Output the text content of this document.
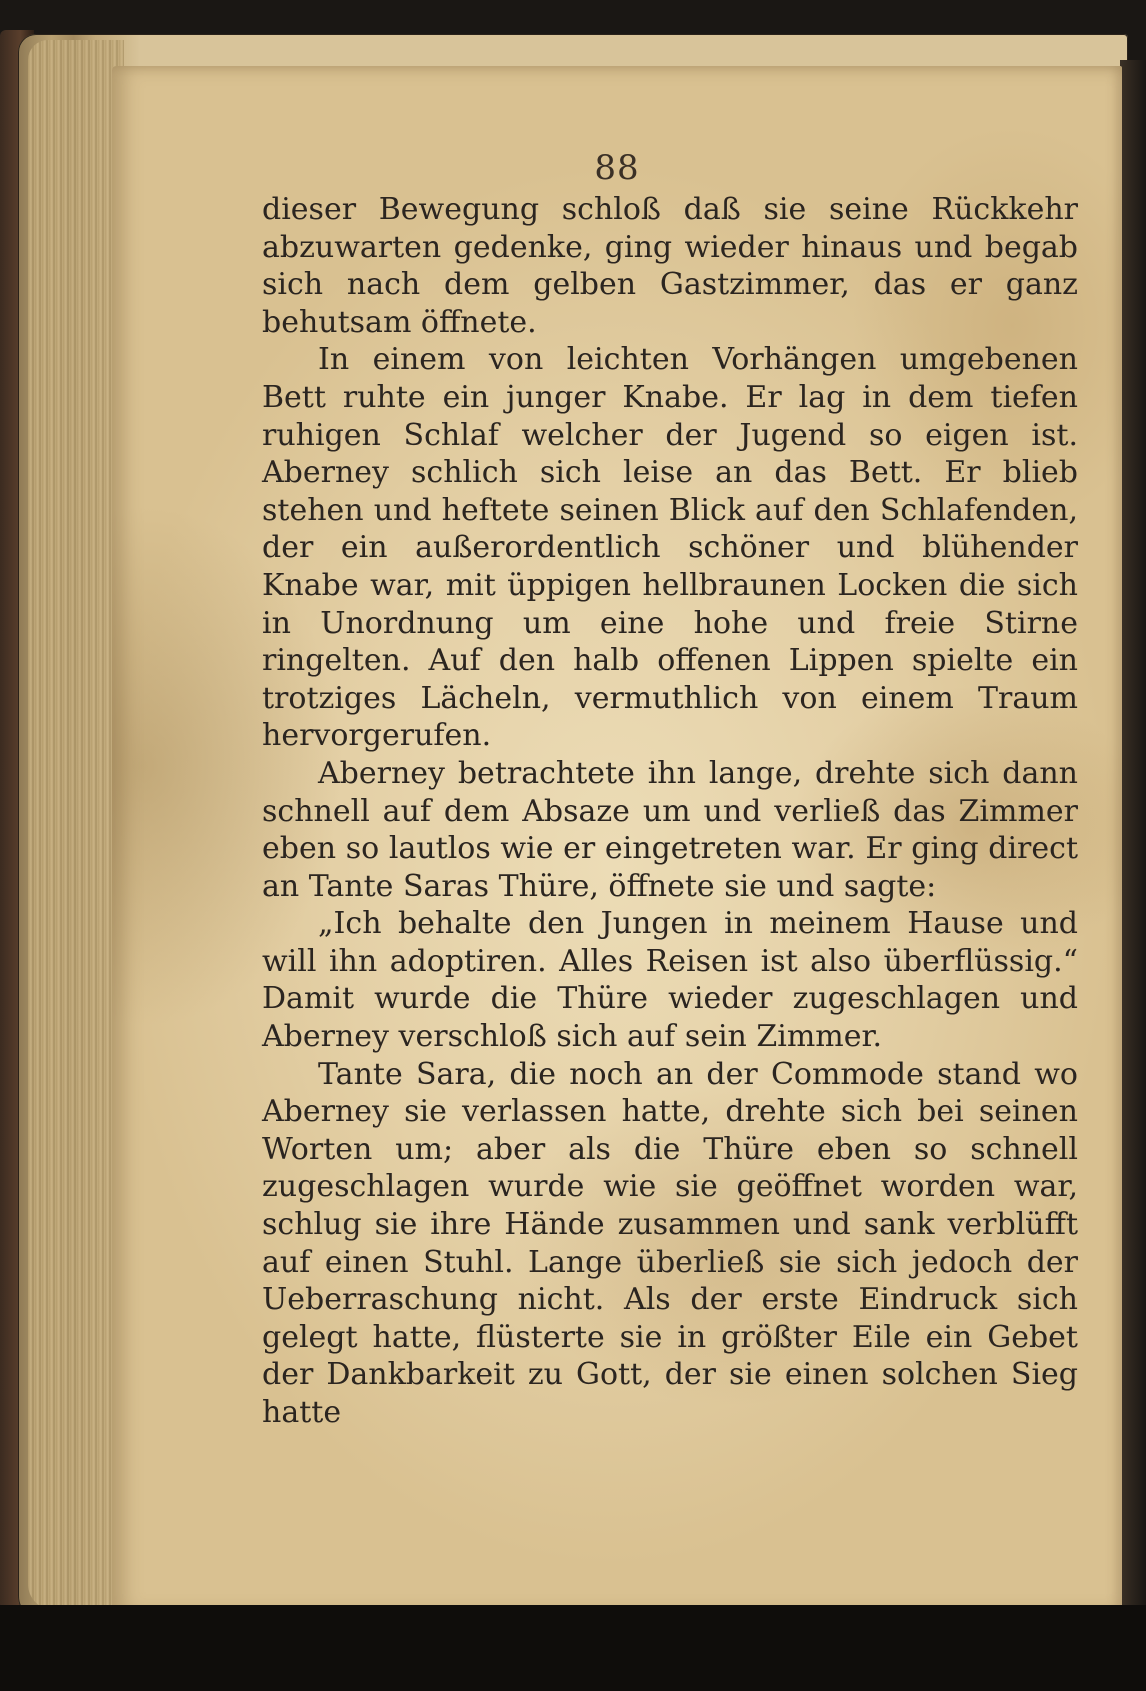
88

dieser Bewegung schloß daß sie seine Rückkehr abzuwarten gedenke, ging wieder hinaus und begab sich nach dem gelben Gastzimmer, das er ganz behutsam öffnete.

In einem von leichten Vorhängen umgebenen Bett ruhte ein junger Knabe. Er lag in dem tiefen ruhigen Schlaf welcher der Jugend so eigen ist. Aberney schlich sich leise an das Bett. Er blieb stehen und heftete seinen Blick auf den Schlafenden, der ein außerordentlich schöner und blühender Knabe war, mit üppigen hellbraunen Locken die sich in Unordnung um eine hohe und freie Stirne ringelten. Auf den halb offenen Lippen spielte ein trotziges Lächeln, vermuthlich von einem Traum hervorgerufen.

Aberney betrachtete ihn lange, drehte sich dann schnell auf dem Absaze um und verließ das Zimmer eben so lautlos wie er eingetreten war. Er ging direct an Tante Saras Thüre, öffnete sie und sagte:

„Ich behalte den Jungen in meinem Hause und will ihn adoptiren. Alles Reisen ist also überflüssig.“ Damit wurde die Thüre wieder zugeschlagen und Aberney verschloß sich auf sein Zimmer.

Tante Sara, die noch an der Commode stand wo Aberney sie verlassen hatte, drehte sich bei seinen Worten um; aber als die Thüre eben so schnell zugeschlagen wurde wie sie geöffnet worden war, schlug sie ihre Hände zusammen und sank verblüfft auf einen Stuhl. Lange überließ sie sich jedoch der Ueberraschung nicht. Als der erste Eindruck sich gelegt hatte, flüsterte sie in größter Eile ein Gebet der Dankbarkeit zu Gott, der sie einen solchen Sieg hatte
